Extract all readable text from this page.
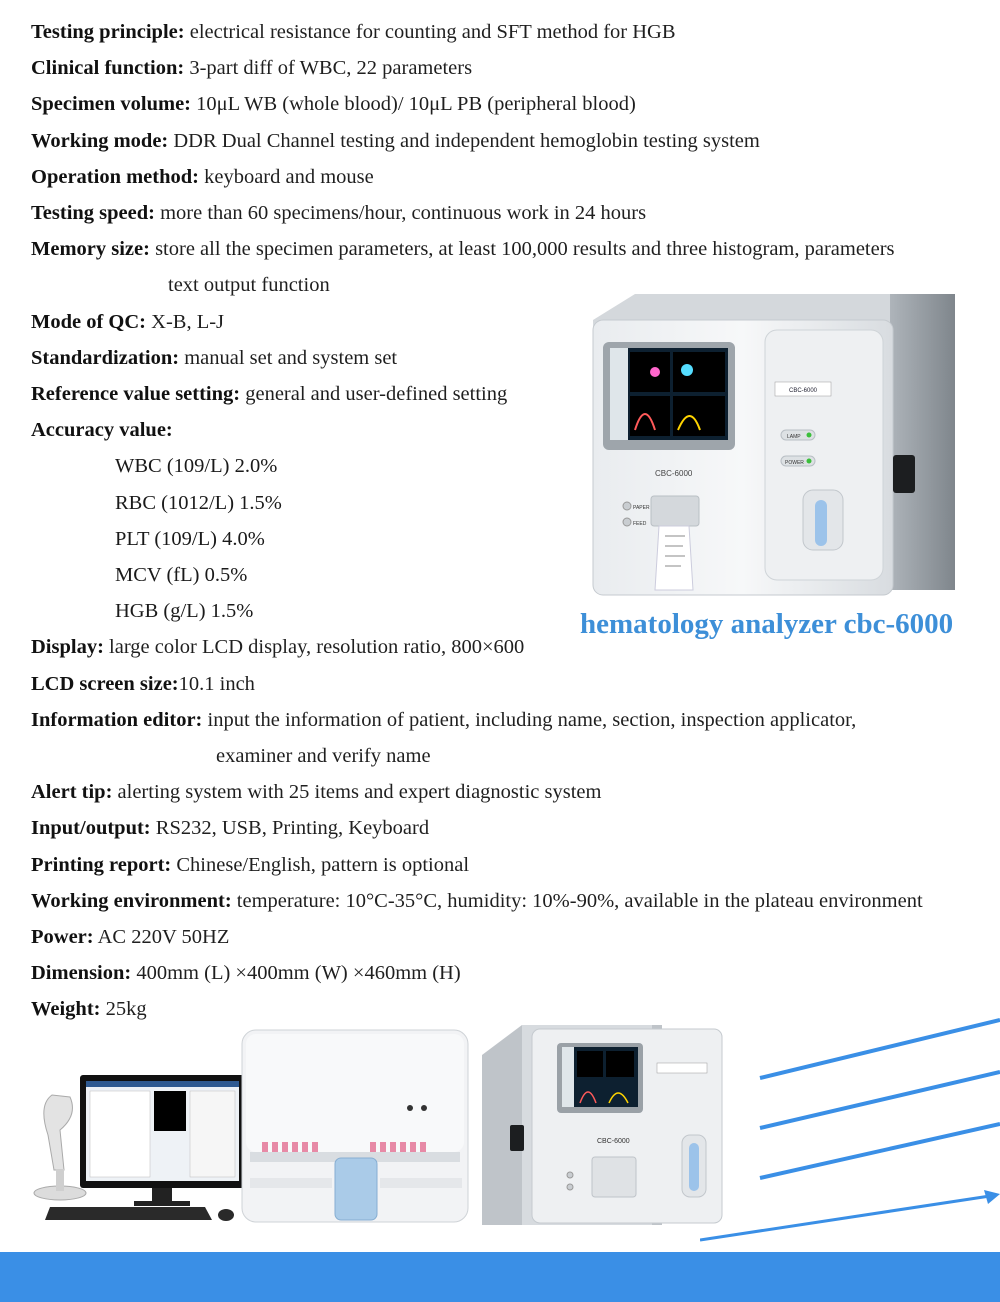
Testing principle: electrical resistance for counting and SFT method for HGB
Clinical function: 3-part diff of WBC, 22 parameters
Specimen volume: 10μL WB (whole blood)/ 10μL PB (peripheral blood)
Working mode: DDR Dual Channel testing and independent hemoglobin testing system
Operation method: keyboard and mouse
Testing speed: more than 60 specimens/hour, continuous work in 24 hours
Memory size: store all the specimen parameters, at least 100,000 results and three histogram, parameters
text output function
Mode of QC: X-B, L-J
Standardization: manual set and system set
Reference value setting: general and user-defined setting
Accuracy value:
WBC (109/L) 2.0%
RBC (1012/L) 1.5%
PLT (109/L) 4.0%
MCV (fL) 0.5%
HGB (g/L) 1.5%
Display: large color LCD display, resolution ratio, 800×600
LCD screen size:10.1 inch
Information editor: input the information of patient, including name, section, inspection applicator,
examiner and verify name
Alert tip: alerting system with 25 items and expert diagnostic system
Input/output: RS232, USB, Printing, Keyboard
Printing report: Chinese/English, pattern is optional
Working environment: temperature: 10°C-35°C, humidity: 10%-90%, available in the plateau environment
Power: AC 220V 50HZ
Dimension: 400mm (L) ×400mm (W) ×460mm (H)
Weight: 25kg
CBC-6000
CBC-6000
LAMP
POWER
PAPER
FEED
hematology analyzer cbc-6000
CBC-6000
